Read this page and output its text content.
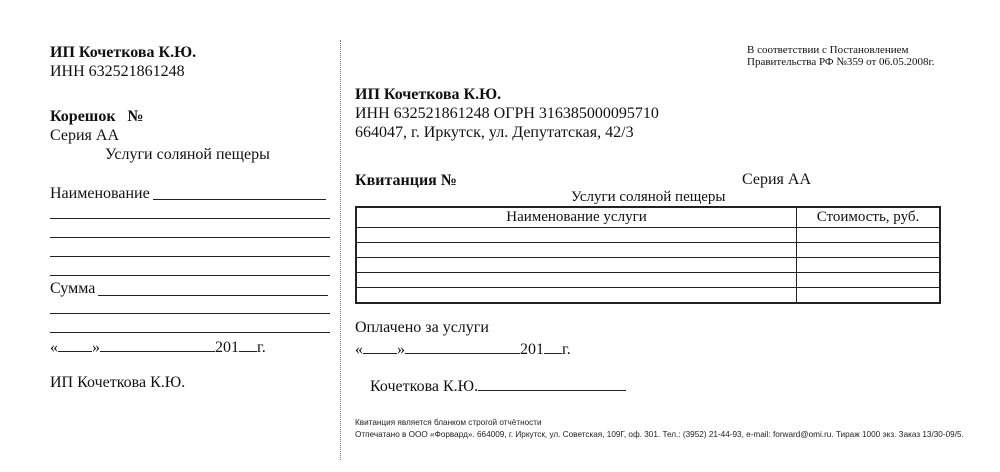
ИП Кочеткова К.Ю.
ИНН 632521861248
Корешок №
Серия АА
Услуги соляной пещеры
Наименование
Сумма
« »	201 г.
ИП Кочеткова К.Ю.
В соответствии с Постановлением
Правительства РФ №359 от 06.05.2008г.
ИП Кочеткова К.Ю.
ИНН 632521861248 ОГРН 316385000095710
664047, г. Иркутск, ул. Депутатская, 42/3
Квитанция №	Серия АА
Услуги соляной пещеры
Наименование услуги	Стоимость, руб.

Оплачено за услуги
« »	201 г.
Кочеткова К.Ю.
Квитанция является бланком строгой отчётности
Отпечатано в ООО «Форвард». 664009, г. Иркутск, ул. Советская, 109Г, оф. 301. Тел.: (3952) 21-44-93, e-mail: forward@omi.ru. Тираж 1000 экз. Заказ 13/30-09/5.
